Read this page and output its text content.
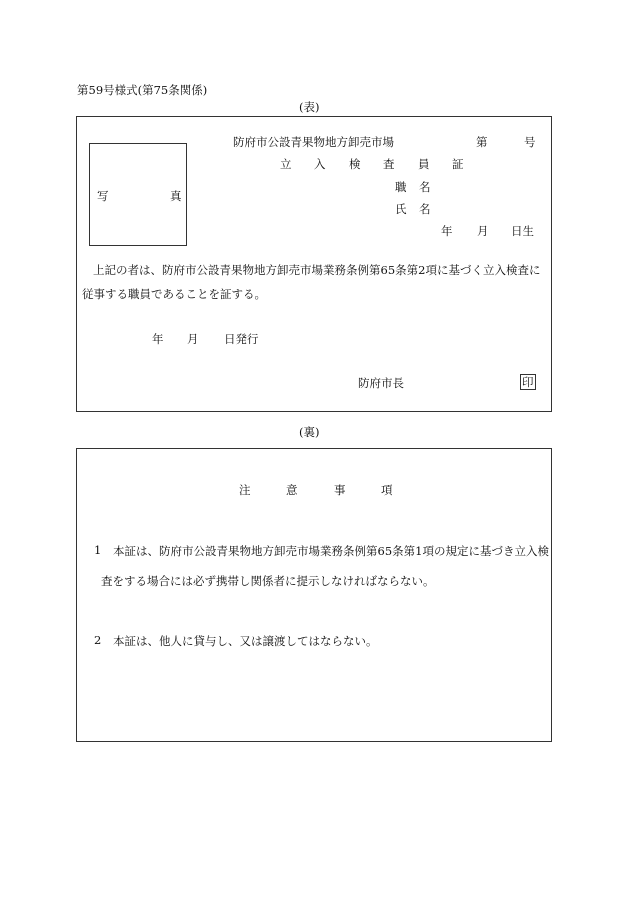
第59号様式(第75条関係)
(表)
写	真
防府市公設青果物地方卸売市場	第	号
立 入 検 査 員 証
職 名
氏 名
年 月 日生
上記の者は、防府市公設青果物地方卸売市場業務条例第65条第2項に基づく立入検査に
従事する職員であることを証する。
年 月 日発行
防府市長	印
(裏)
注	意	事	項
1 本証は、防府市公設青果物地方卸売市場業務条例第65条第1項の規定に基づき立入検
査をする場合には必ず携帯し関係者に提示しなければならない。
2 本証は、他人に貸与し、又は譲渡してはならない。
